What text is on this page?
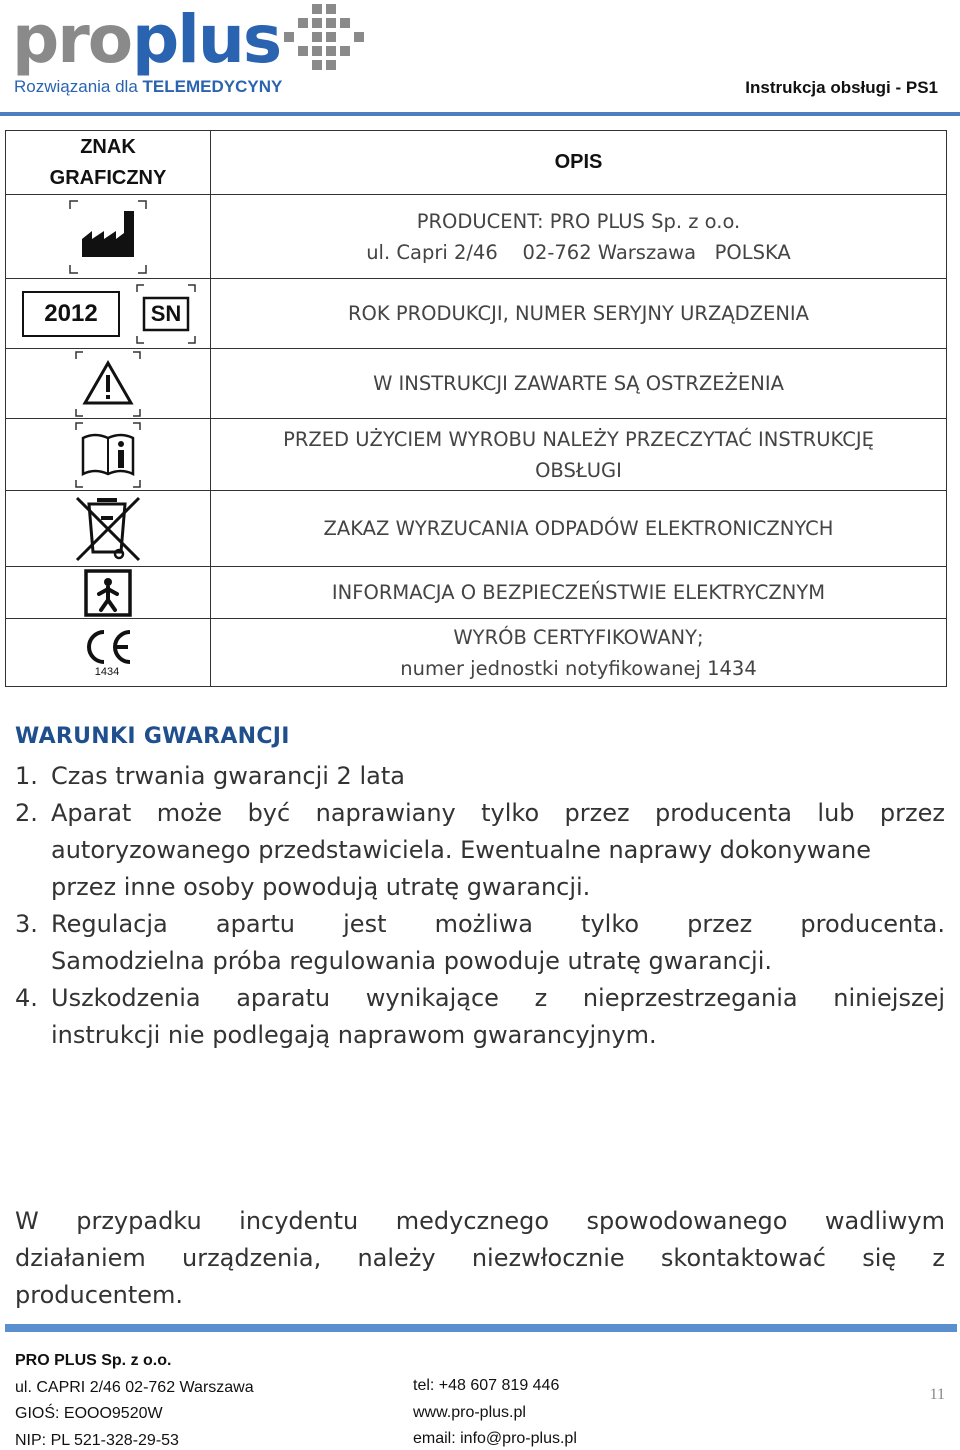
pro plus
Rozwiązania dla TELEMEDYCYNY	Instrukcja obsługi - PS1
ZNAK GRAFICZNY	OPIS

PRODUCENT: PRO PLUS Sp. z o.o.
ul. Capri 2/46    02-762 Warszawa   POLSKA

2012 SN	ROK PRODUKCJI, NUMER SERYJNY URZĄDZENIA
	W INSTRUKCJI ZAWARTE SĄ OSTRZEŻENIA

PRZED UŻYCIEM WYROBU NALEŻY PRZECZYTAĆ INSTRUKCJĘ
OBSŁUGI

	ZAKAZ WYRZUCANIA ODPADÓW ELEKTRONICZNYCH
	INFORMACJA O BEZPIECZEŃSTWIE ELEKTRYCZNYM

1434	WYRÓB CERTYFIKOWANY;
numer jednostki notyfikowanej 1434
WARUNKI GWARANCJI
1. Czas trwania gwarancji 2 lata
2. Aparat może być naprawiany tylko przez producenta lub przez
autoryzowanego przedstawiciela. Ewentualne naprawy dokonywane
przez inne osoby powodują utratę gwarancji.
3. Regulacja apartu jest możliwa tylko przez producenta.
Samodzielna próba regulowania powoduje utratę gwarancji.
4. Uszkodzenia aparatu wynikające z nieprzestrzegania niniejszej
instrukcji nie podlegają naprawom gwarancyjnym.
W przypadku incydentu medycznego spowodowanego wadliwym
działaniem urządzenia, należy niezwłocznie skontaktować się z
producentem.
PRO PLUS Sp. z o.o.
ul. CAPRI 2/46 02-762 Warszawa
GIOŚ: EOOO9520W
NIP: PL 521-328-29-53
tel: +48 607 819 446
www.pro-plus.pl
email: info@pro-plus.pl
11
